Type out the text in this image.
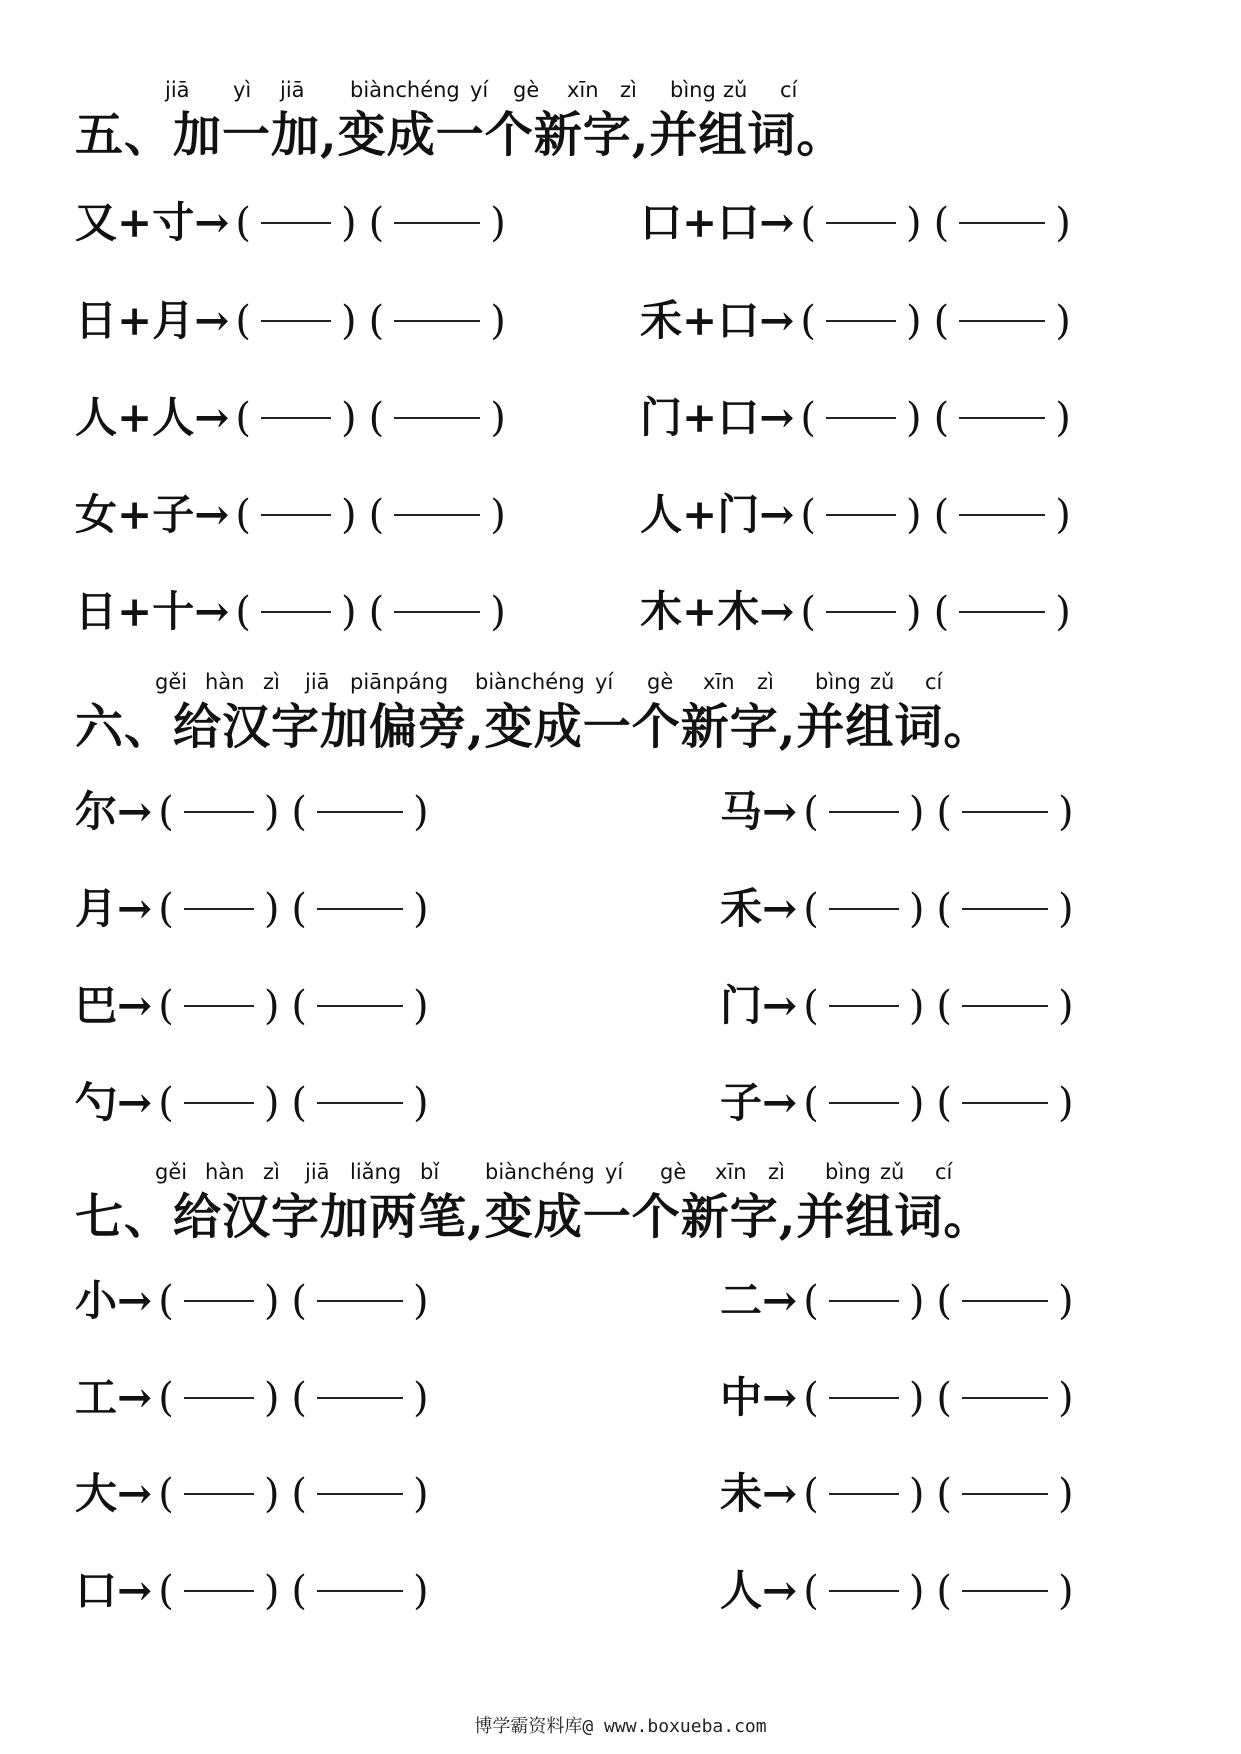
jiā yì jiā biànchéng yí gè xīn zì bìng zǔ cí
五、加一加,变成一个新字,并组词。
又+寸→ ( ) (	)	口+口→ ( ) (	)
日+月→ ( ) (	)	禾+口→ ( ) (	)
人+人→ ( ) (	)	门+口→ ( ) (	)
女+子→ ( ) (	)	人+门→ ( ) (	)
日+十→ ( ) (	)	木+木→ ( ) (	)
gěi hàn zì jiā piānpáng biànchéng yí gè xīn zì bìng zǔ cí
六、给汉字加偏旁,变成一个新字,并组词。
尔→ ( ) (	)	马→ ( ) (	)
月→ ( ) (	)	禾→ ( ) (	)
巴→ ( ) (	)	门→ ( ) (	)
勺→ ( ) (	)	子→ ( ) (	)
gěi hàn zì jiā liǎng bǐ biànchéng yí gè xīn zì bìng zǔ cí
七、给汉字加两笔,变成一个新字,并组词。
小→ ( ) (	)	二→ ( ) (	)
工→ ( ) (	)	中→ ( ) (	)
大→ ( ) (	)	未→ ( ) (	)
口→ ( ) (	)	人→ ( ) (	)
博学霸资料库@ www.boxueba.com
